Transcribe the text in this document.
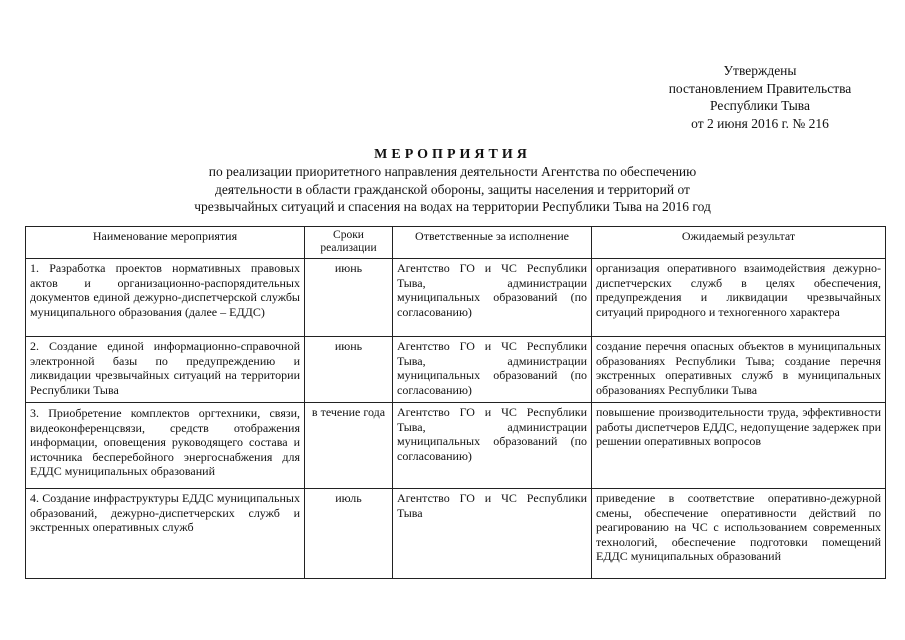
Утверждены
постановлением Правительства
Республики Тыва
от 2 июня 2016 г. № 216
МЕРОПРИЯТИЯ
по реализации приоритетного направления деятельности Агентства по обеспечению
деятельности в области гражданской обороны, защиты населения и территорий от
чрезвычайных ситуаций и спасения на водах на территории Республики Тыва на 2016 год
Наименование мероприятия	Сроки реализации	Ответственные за исполнение	Ожидаемый результат
1. Разработка проектов нормативных правовых актов и организационно-распорядительных документов единой дежурно-диспетчерской службы муниципального образования (далее – ЕДДС)	июнь	Агентство ГО и ЧС Республики Тыва, администрации муниципальных образований (по согласованию)	организация оперативного взаимодействия дежурно-диспетчерских служб в целях обеспечения, предупреждения и ликвидации чрезвычайных ситуаций природного и техногенного характера
2. Создание единой информационно-справочной электронной базы по предупреждению и ликвидации чрезвычайных ситуаций на территории Республики Тыва	июнь	Агентство ГО и ЧС Республики Тыва, администрации муниципальных образований (по согласованию)	создание перечня опасных объектов в муниципальных образованиях Республики Тыва; создание перечня экстренных оперативных служб в муниципальных образованиях Республики Тыва
3. Приобретение комплектов оргтехники, связи, видеоконференцсвязи, средств отображения информации, оповещения руководящего состава и источника бесперебойного энергоснабжения для ЕДДС муниципальных образований	в течение года	Агентство ГО и ЧС Республики Тыва, администрации муниципальных образований (по согласованию)	повышение производительности труда, эффективности работы диспетчеров ЕДДС, недопущение задержек при решении оперативных вопросов
4. Создание инфраструктуры ЕДДС муниципальных образований, дежурно-диспетчерских служб и экстренных оперативных служб	июль	Агентство ГО и ЧС Республики Тыва	приведение в соответствие оперативно-дежурной смены, обеспечение оперативности действий по реагированию на ЧС с использованием современных технологий, обеспечение подготовки помещений ЕДДС муниципальных образований
